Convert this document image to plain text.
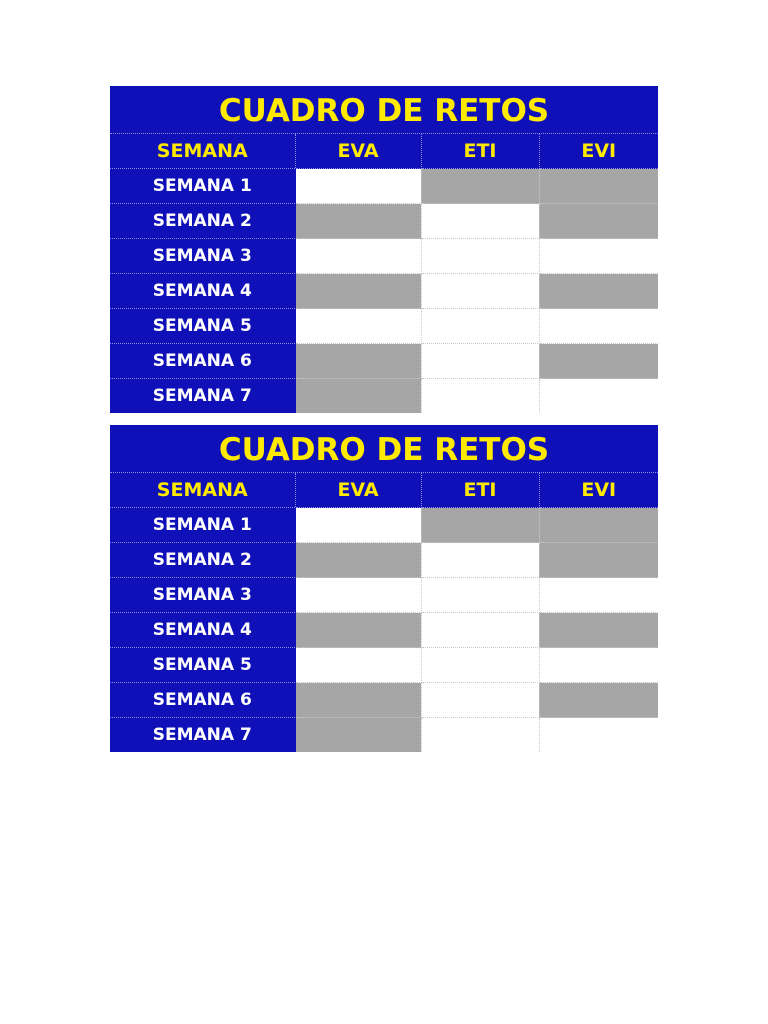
CUADRO DE RETOS
SEMANA	EVA	ETI	EVI
SEMANA 1			
SEMANA 2			
SEMANA 3			
SEMANA 4			
SEMANA 5			
SEMANA 6			
SEMANA 7			
CUADRO DE RETOS
SEMANA	EVA	ETI	EVI
SEMANA 1			
SEMANA 2			
SEMANA 3			
SEMANA 4			
SEMANA 5			
SEMANA 6			
SEMANA 7			
